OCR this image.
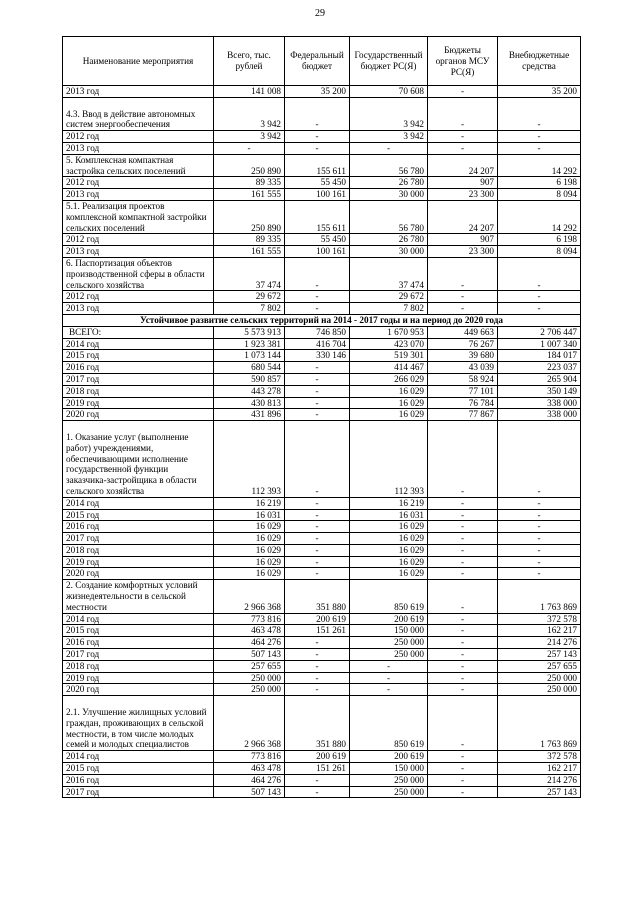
29
Наименование мероприятия	Всего, тыс. рублей	Федеральный бюджет	Государственный бюджет РС(Я)	Бюджеты органов МСУ РС(Я)	Внебюджетные средства
2013 год	141 008	35 200	70 608	-	35 200
4.3. Ввод в действие автономных систем энергообеспечения	3 942	-	3 942	-	-
2012 год	3 942	-	3 942	-	-
2013 год	-	-	-	-	-
5. Комплексная компактная застройка сельских поселений	250 890	155 611	56 780	24 207	14 292
2012 год	89 335	55 450	26 780	907	6 198
2013 год	161 555	100 161	30 000	23 300	8 094
5.1. Реализация проектов комплексной компактной застройки сельских поселений	250 890	155 611	56 780	24 207	14 292
2012 год	89 335	55 450	26 780	907	6 198
2013 год	161 555	100 161	30 000	23 300	8 094
6. Паспортизация объектов производственной сферы в области сельского хозяйства	37 474	-	37 474	-	-
2012 год	29 672	-	29 672	-	-
2013 год	7 802	-	7 802	-	-
Устойчивое развитие сельских территорий на 2014 - 2017 годы и на период до 2020 года					
ВСЕГО:	5 573 913	746 850	1 670 953	449 663	2 706 447
2014 год	1 923 381	416 704	423 070	76 267	1 007 340
2015 год	1 073 144	330 146	519 301	39 680	184 017
2016 год	680 544	-	414 467	43 039	223 037
2017 год	590 857	-	266 029	58 924	265 904
2018 год	443 278	-	16 029	77 101	350 149
2019 год	430 813	-	16 029	76 784	338 000
2020 год	431 896	-	16 029	77 867	338 000
1. Оказание услуг (выполнение работ) учреждениями, обеспечивающими исполнение государственной функции заказчика-застройщика в области сельского хозяйства	112 393	-	112 393	-	-
2014 год	16 219	-	16 219	-	-
2015 год	16 031	-	16 031	-	-
2016 год	16 029	-	16 029	-	-
2017 год	16 029	-	16 029	-	-
2018 год	16 029	-	16 029	-	-
2019 год	16 029	-	16 029	-	-
2020 год	16 029	-	16 029	-	-
2. Создание комфортных условий жизнедеятельности в сельской местности	2 966 368	351 880	850 619	-	1 763 869
2014 год	773 816	200 619	200 619	-	372 578
2015 год	463 478	151 261	150 000	-	162 217
2016 год	464 276	-	250 000	-	214 276
2017 год	507 143	-	250 000	-	257 143
2018 год	257 655	-	-	-	257 655
2019 год	250 000	-	-	-	250 000
2020 год	250 000	-	-	-	250 000
2.1. Улучшение жилищных условий граждан, проживающих в сельской местности, в том числе молодых семей и молодых специалистов	2 966 368	351 880	850 619	-	1 763 869
2014 год	773 816	200 619	200 619	-	372 578
2015 год	463 478	151 261	150 000	-	162 217
2016 год	464 276	-	250 000	-	214 276
2017 год	507 143	-	250 000	-	257 143
